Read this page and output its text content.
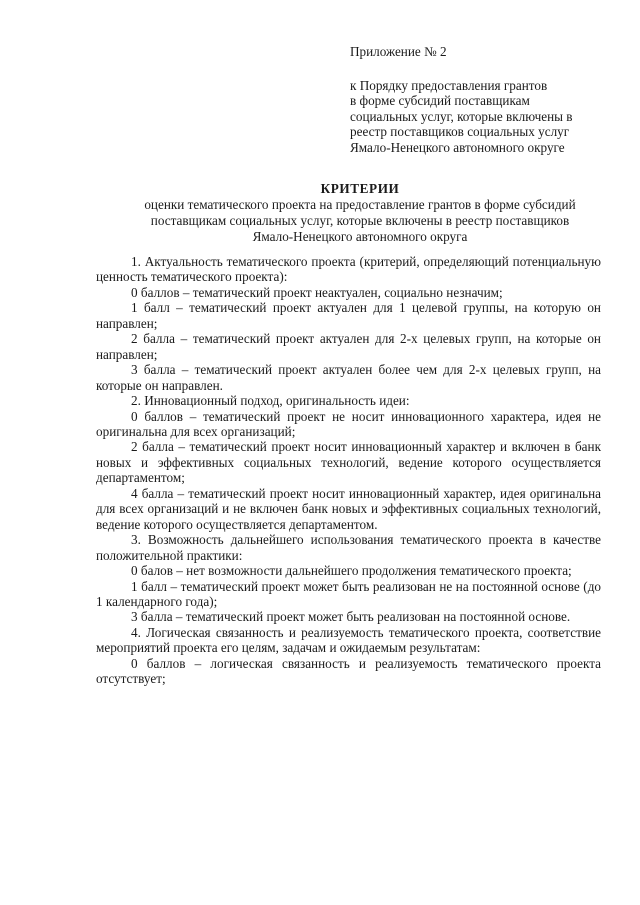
Приложение № 2
к Порядку предоставления грантов
в форме субсидий поставщикам
социальных услуг, которые включены в
реестр поставщиков социальных услуг
Ямало-Ненецкого автономного округе
КРИТЕРИИ
оценки тематического проекта на предоставление грантов в форме субсидий
поставщикам социальных услуг, которые включены в реестр поставщиков
Ямало-Ненецкого автономного округа

1. Актуальность тематического проекта (критерий, определяющий потенциальную ценность тематического проекта):

0 баллов – тематический проект неактуален, социально незначим;

1 балл – тематический проект актуален для 1 целевой группы, на которую он направлен;

2 балла – тематический проект актуален для 2-х целевых групп, на которые он направлен;

3 балла – тематический проект актуален более чем для 2-х целевых групп, на которые он направлен.

2. Инновационный подход, оригинальность идеи:

0 баллов – тематический проект не носит инновационного характера, идея не оригинальна для всех организаций;

2 балла – тематический проект носит инновационный характер и включен в банк новых и эффективных социальных технологий, ведение которого осуществляется департаментом;

4 балла – тематический проект носит инновационный характер, идея оригинальна для всех организаций и не включен банк новых и эффективных социальных технологий, ведение которого осуществляется департаментом.

3. Возможность дальнейшего использования тематического проекта в качестве положительной практики:

0 балов – нет возможности дальнейшего продолжения тематического проекта;

1 балл – тематический проект может быть реализован не на постоянной основе (до 1 календарного года);

3 балла – тематический проект может быть реализован на постоянной основе.

4. Логическая связанность и реализуемость тематического проекта, соответствие мероприятий проекта его целям, задачам и ожидаемым результатам:

0 баллов – логическая связанность и реализуемость тематического проекта отсутствует;
